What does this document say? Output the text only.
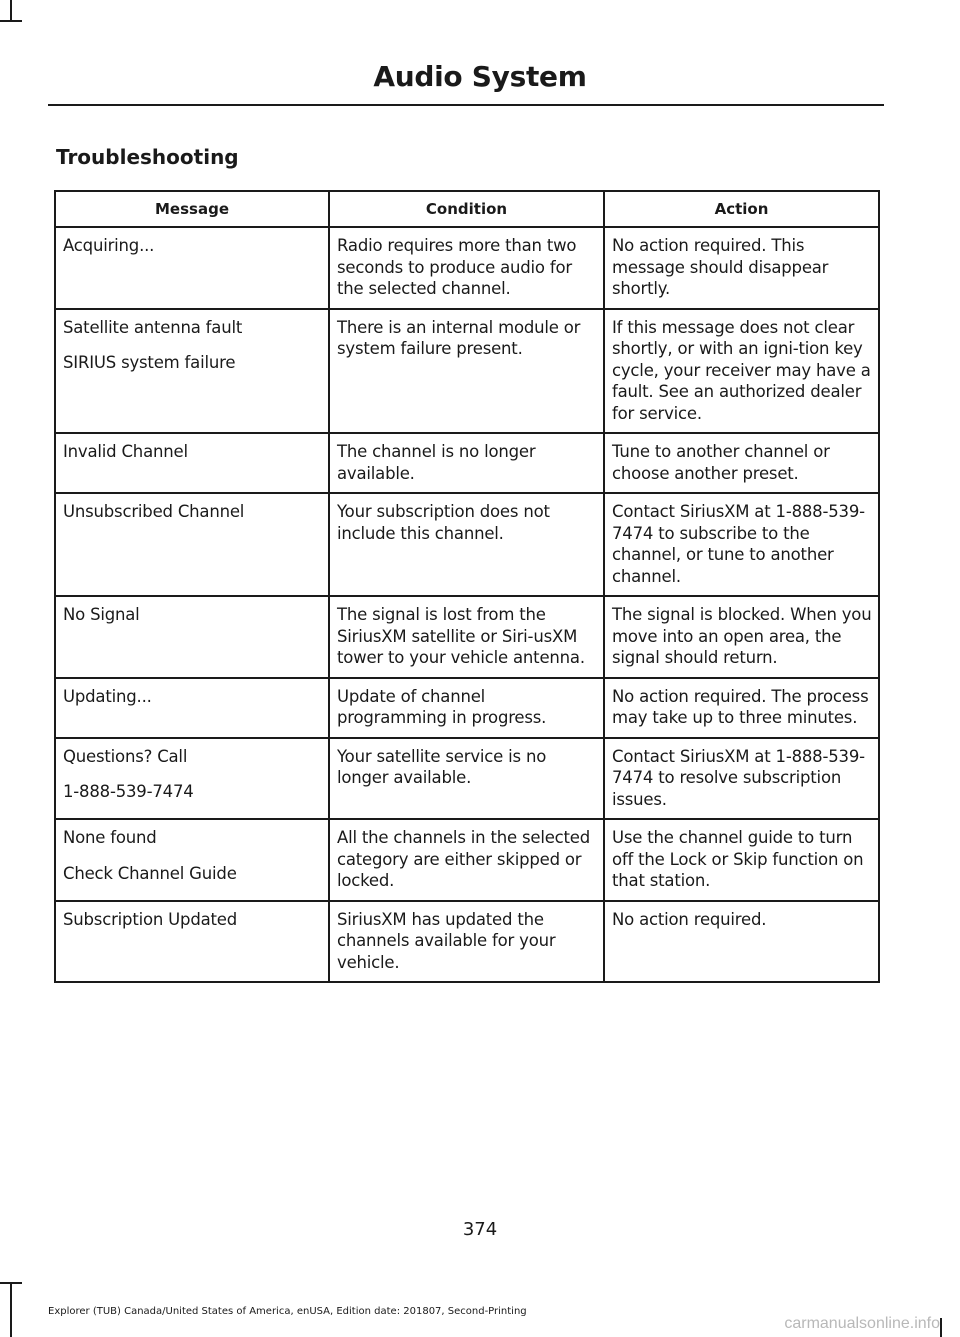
Audio System
Troubleshooting
Message	Condition	Action

Acquiring...	Radio requires more than two seconds to produce audio for the selected channel.	No action required. This message should disappear shortly.

Satellite antenna fault
SIRIUS system failure	There is an internal module or system failure present.	If this message does not clear shortly, or with an igni-tion key cycle, your receiver may have a fault. See an authorized dealer for service.

Invalid Channel	The channel is no longer available.	Tune to another channel or choose another preset.

Unsubscribed Channel	Your subscription does not include this channel.	Contact SiriusXM at 1-888-539-7474 to subscribe to the channel, or tune to another channel.

No Signal	The signal is lost from the SiriusXM satellite or Siri-usXM tower to your vehicle antenna.	The signal is blocked. When you move into an open area, the signal should return.

Updating...	Update of channel programming in progress.	No action required. The process may take up to three minutes.

Questions? Call
1-888-539-7474	Your satellite service is no longer available.	Contact SiriusXM at 1-888-539-7474 to resolve subscription issues.

None found
Check Channel Guide	All the channels in the selected category are either skipped or locked.	Use the channel guide to turn off the Lock or Skip function on that station.

Subscription Updated	SiriusXM has updated the channels available for your vehicle.	No action required.
374
Explorer (TUB) Canada/United States of America, enUSA, Edition date: 201807, Second-Printing
carmanualsonline.info
